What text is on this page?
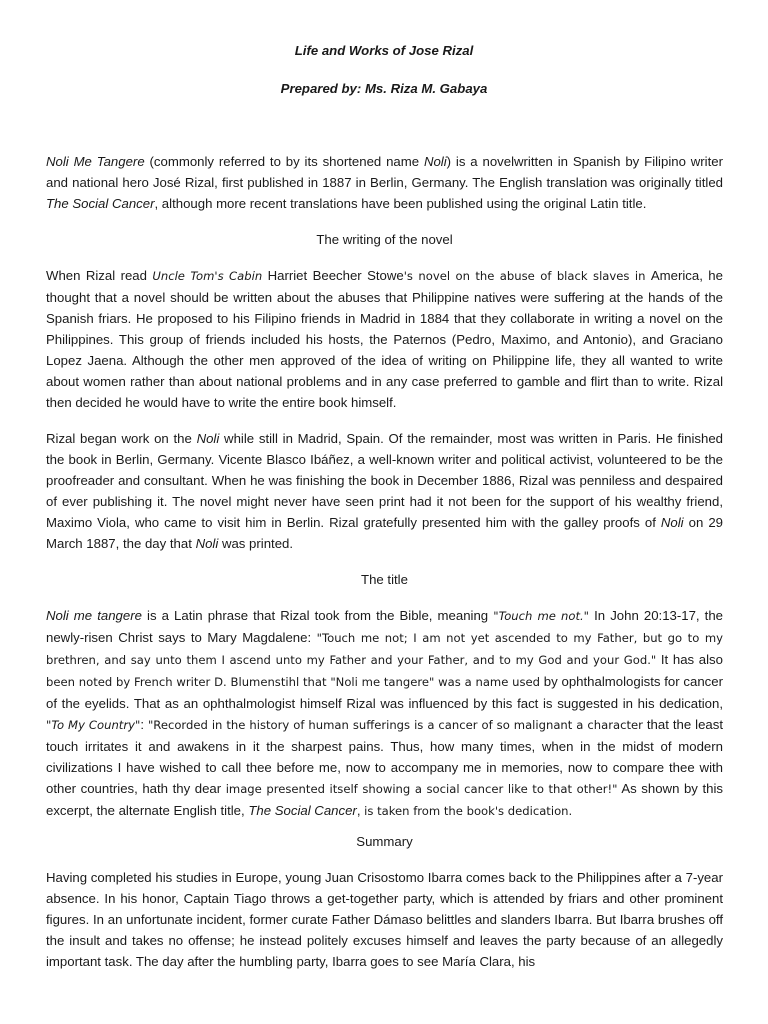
Life and Works of Jose Rizal
Prepared by: Ms. Riza M. Gabaya

Noli Me Tangere (commonly referred to by its shortened name Noli) is a novelwritten in Spanish by Filipino writer and national hero José Rizal, first published in 1887 in Berlin, Germany. The English translation was originally titled The Social Cancer, although more recent translations have been published using the original Latin title.

The writing of the novel

When Rizal read Uncle Tom's Cabin Harriet Beecher Stowe's novel on the abuse of black slaves in America, he thought that a novel should be written about the abuses that Philippine natives were suffering at the hands of the Spanish friars. He proposed to his Filipino friends in Madrid in 1884 that they collaborate in writing a novel on the Philippines. This group of friends included his hosts, the Paternos (Pedro, Maximo, and Antonio), and Graciano Lopez Jaena. Although the other men approved of the idea of writing on Philippine life, they all wanted to write about women rather than about national problems and in any case preferred to gamble and flirt than to write. Rizal then decided he would have to write the entire book himself.

Rizal began work on the Noli while still in Madrid, Spain. Of the remainder, most was written in Paris. He finished the book in Berlin, Germany. Vicente Blasco Ibáñez, a well-known writer and political activist, volunteered to be the proofreader and consultant. When he was finishing the book in December 1886, Rizal was penniless and despaired of ever publishing it. The novel might never have seen print had it not been for the support of his wealthy friend, Maximo Viola, who came to visit him in Berlin. Rizal gratefully presented him with the galley proofs of Noli on 29 March 1887, the day that Noli was printed.

The title

Noli me tangere is a Latin phrase that Rizal took from the Bible, meaning "Touch me not." In John 20:13-17, the newly-risen Christ says to Mary Magdalene: "Touch me not; I am not yet ascended to my Father, but go to my brethren, and say unto them I ascend unto my Father and your Father, and to my God and your God." It has also been noted by French writer D. Blumenstihl that "Noli me tangere" was a name used by ophthalmologists for cancer of the eyelids. That as an ophthalmologist himself Rizal was influenced by this fact is suggested in his dedication, "To My Country": "Recorded in the history of human sufferings is a cancer of so malignant a character that the least touch irritates it and awakens in it the sharpest pains. Thus, how many times, when in the midst of modern civilizations I have wished to call thee before me, now to accompany me in memories, now to compare thee with other countries, hath thy dear image presented itself showing a social cancer like to that other!" As shown by this excerpt, the alternate English title, The Social Cancer, is taken from the book's dedication.

Summary

Having completed his studies in Europe, young Juan Crisostomo Ibarra comes back to the Philippines after a 7-year absence. In his honor, Captain Tiago throws a get-together party, which is attended by friars and other prominent figures. In an unfortunate incident, former curate Father Dámaso belittles and slanders Ibarra. But Ibarra brushes off the insult and takes no offense; he instead politely excuses himself and leaves the party because of an allegedly important task. The day after the humbling party, Ibarra goes to see María Clara, his
